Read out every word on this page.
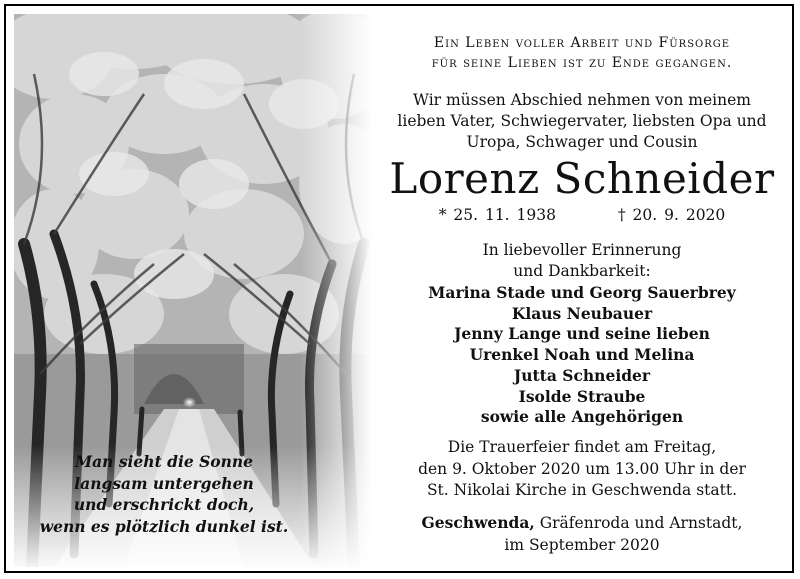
Man sieht die Sonne
langsam untergehen
und erschrickt doch,
wenn es plötzlich dunkel ist.
Ein Leben voller Arbeit und Fürsorge
für seine Lieben ist zu Ende gegangen.
Wir müssen Abschied nehmen von meinem
lieben Vater, Schwiegervater, liebsten Opa und
Uropa, Schwager und Cousin
Lorenz Schneider
* 25. 11. 1938	† 20. 9. 2020
In liebevoller Erinnerung
und Dankbarkeit:
Marina Stade und Georg Sauerbrey
Klaus Neubauer
Jenny Lange und seine lieben
Urenkel Noah und Melina
Jutta Schneider
Isolde Straube
sowie alle Angehörigen
Die Trauerfeier findet am Freitag,
den 9. Oktober 2020 um 13.00 Uhr in der
St. Nikolai Kirche in Geschwenda statt.
Geschwenda, Gräfenroda und Arnstadt,
im September 2020
